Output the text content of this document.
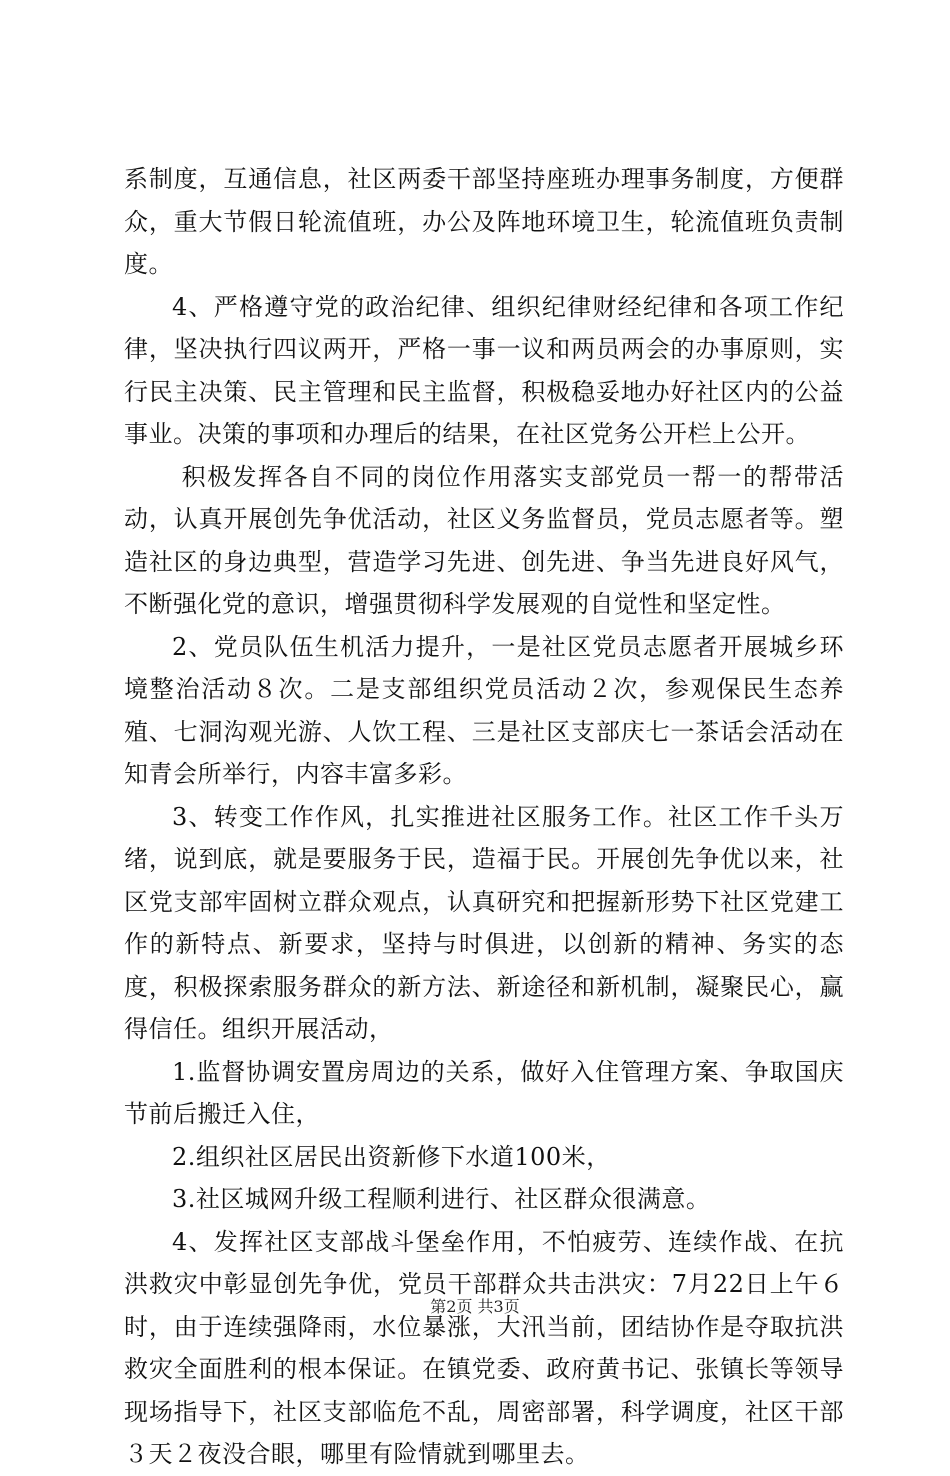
系制度，互通信息，社区两委干部坚持座班办理事务制度，方便群众，重大节假日轮流值班，办公及阵地环境卫生，轮流值班负责制度。

4、严格遵守党的政治纪律、组织纪律财经纪律和各项工作纪律，坚决执行四议两开，严格一事一议和两员两会的办事原则，实行民主决策、民主管理和民主监督，积极稳妥地办好社区内的公益事业。决策的事项和办理后的结果，在社区党务公开栏上公开。

积极发挥各自不同的岗位作用落实支部党员一帮一的帮带活动，认真开展创先争优活动，社区义务监督员，党员志愿者等。塑造社区的身边典型，营造学习先进、创先进、争当先进良好风气，不断强化党的意识，增强贯彻科学发展观的自觉性和坚定性。

2、党员队伍生机活力提升，一是社区党员志愿者开展城乡环境整治活动８次。二是支部组织党员活动２次，参观保民生态养殖、七洞沟观光游、人饮工程、三是社区支部庆七一茶话会活动在知青会所举行，内容丰富多彩。

3、转变工作作风，扎实推进社区服务工作。社区工作千头万绪，说到底，就是要服务于民，造福于民。开展创先争优以来，社区党支部牢固树立群众观点，认真研究和把握新形势下社区党建工作的新特点、新要求，坚持与时俱进，以创新的精神、务实的态度，积极探索服务群众的新方法、新途径和新机制，凝聚民心，赢得信任。组织开展活动，

1.监督协调安置房周边的关系，做好入住管理方案、争取国庆节前后搬迁入住，

2.组织社区居民出资新修下水道100米，

3.社区城网升级工程顺利进行、社区群众很满意。

4、发挥社区支部战斗堡垒作用，不怕疲劳、连续作战、在抗洪救灾中彰显创先争优，党员干部群众共击洪灾：7月22日上午６时，由于连续强降雨，水位暴涨，大汛当前，团结协作是夺取抗洪救灾全面胜利的根本保证。在镇党委、政府黄书记、张镇长等领导现场指导下，社区支部临危不乱，周密部署，科学调度，社区干部３天２夜没合眼，哪里有险情就到哪里去。

第2页 共3页
